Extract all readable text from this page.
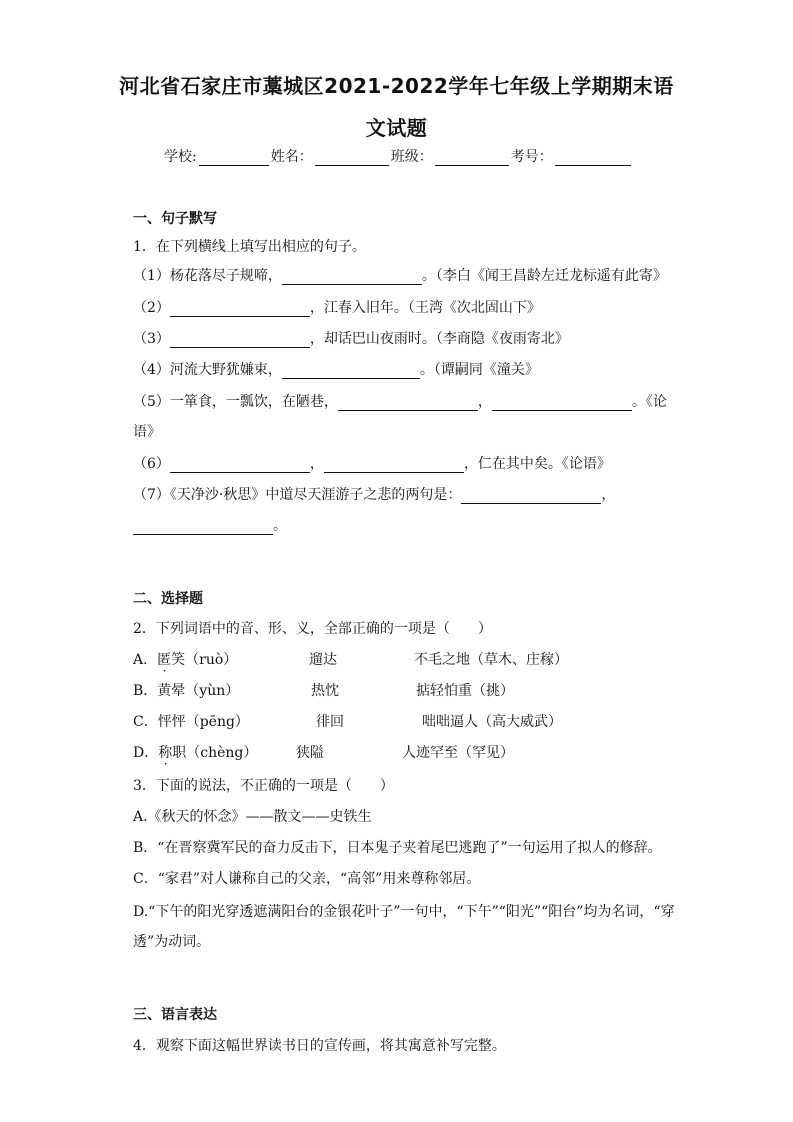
河北省石家庄市藁城区2021-2022学年七年级上学期期末语
文试题
学校:	姓名：	班级：	考号：
一、句子默写
1．在下列横线上填写出相应的句子。
（1）杨花落尽子规啼，	。（李白《闻王昌龄左迁龙标遥有此寄》
（2）	，江春入旧年。（王湾《次北固山下》
（3）	，却话巴山夜雨时。（李商隐《夜雨寄北》
（4）河流大野犹嫌束，	。（谭嗣同《潼关》
（5）一箪食，一瓢饮，在陋巷，	，	。《论
语》
（6）	，	，仁在其中矣。《论语》
（7）《天净沙·秋思》中道尽天涯游子之悲的两句是：	，
。
二、选择题
2．下列词语中的音、形、义，全部正确的一项是（　　）
A．匿笑（ruò）	遛达	不毛之地（草木、庄稼）
B．黄晕（yùn）	热忱	掂轻怕重（挑）
C．怦怦（pēng）	徘回	咄咄逼人（高大威武）
D．称职（chèng）	狭隘	人迹罕至（罕见）
3．下面的说法，不正确的一项是（　　）
A.《秋天的怀念》——散文——史铁生
B．“在晋察冀军民的奋力反击下，日本鬼子夹着尾巴逃跑了”一句运用了拟人的修辞。
C．“家君”对人谦称自己的父亲，“高邻”用来尊称邻居。
D.“下午的阳光穿透遮满阳台的金银花叶子”一句中，“下午”“阳光”“阳台”均为名词，“穿
透”为动词。
三、语言表达
4．观察下面这幅世界读书日的宣传画，将其寓意补写完整。
